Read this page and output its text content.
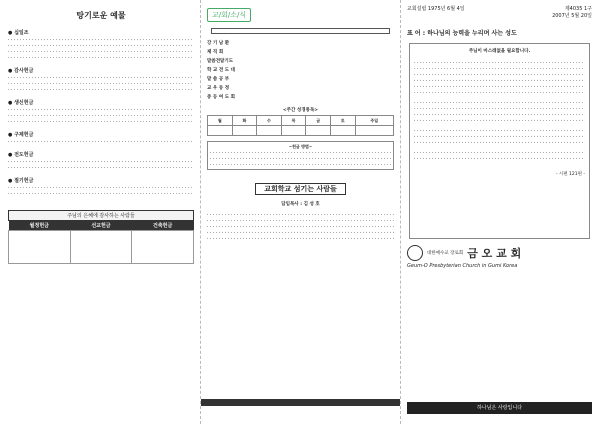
탕기로운 예물
● 십일조
● 감사헌금
● 생신헌금
● 구제헌금
● 전도헌금
● 절기헌금
주님의 은혜에 감사하는 사람들
월정헌금	선교헌금	건축헌금

교/회/소/식
강 기 남 환
제 직 회
말씀전달기도
학 교 전 도 대
말 씀 공 부
교 우 동 정
중 등 여 도 회
<주간 성경통독>
월	화	수	목	금	토	주일

~헌금 방법~
교회학교 섬기는 사람들
담임목사 : 김 성 호
교회설립 1975년 6월 4일	제4035 1구
2007년 5월 20일
표 어 : 하나님의 능력을 누리며 사는 성도
주님이 마스레없을 필요합니다.
- 시편 121편 -
대한예수교 장로회 금 오 교 회
Geum-O Presbyterian Church in Gumi Korea
하나님은 사랑입니다
